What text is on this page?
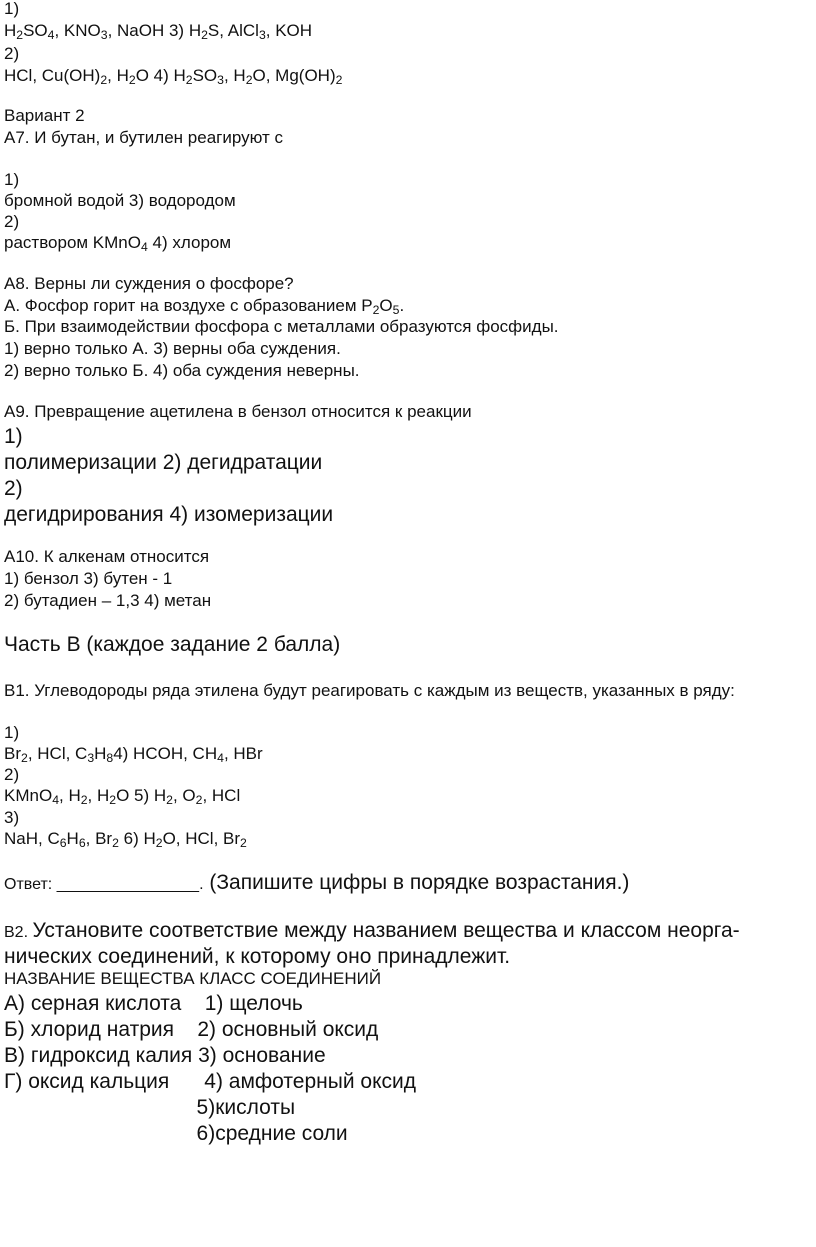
1)
$H_2SO_4$, $KNO_3$, NaOH 3) $H_2S$, AlCl$_3$, KOH
2)
HCl, $Cu(OH)_2$, $H_2O$ 4) $H_2SO_3$, $H_2O$, $Mg(OH)_2$
Вариант 2
А7. И бутан, и бутилен реагируют с
1)
бромной водой 3) водородом
2)
раствором KMnO$_4$ 4) хлором
А8. Верны ли суждения о фосфоре?
А. Фосфор горит на воздухе с образованием $P_2O_5$.
Б. При взаимодействии фосфора с металлами образуются фосфиды.
1) верно только А. 3) верны оба суждения.
2) верно только Б. 4) оба суждения неверны.
А9. Превращение ацетилена в бензол относится к реакции
1)
полимеризации 2) дегидратации
2)
дегидрирования 4) изомеризации
А10. К алкенам относится
1) бензол 3) бутен - 1
2) бутадиен – 1,3 4) метан
Часть В (каждое задание 2 балла)
В1. Углеводороды ряда этилена будут реагировать с каждым из веществ, указанных в ряду:
1)
$Br_2$, HCl, $C_3H_84$) HCOH, $CH_4$, HBr
2)
KMnO$_4$, $H_2$, $H_2O$ 5) $H_2$, $O_2$, HCl
3)
NaH, $C_6H_6$, $Br_2$ 6) $H_2O$, HCl, $Br_2$
Ответ: ________________. (Запишите цифры в порядке возрастания.)
В2. Установите соответствие между названием вещества и классом неорга-
нических соединений, к которому оно принадлежит.
НАЗВАНИЕ ВЕЩЕСТВА КЛАСС СОЕДИНЕНИЙ
А) серная кислота    1) щелочь
Б) хлорид натрия    2) основный оксид
В) гидроксид калия 3) основание
Г) оксид кальция      4) амфотерный оксид
5)кислоты
6)средние соли
